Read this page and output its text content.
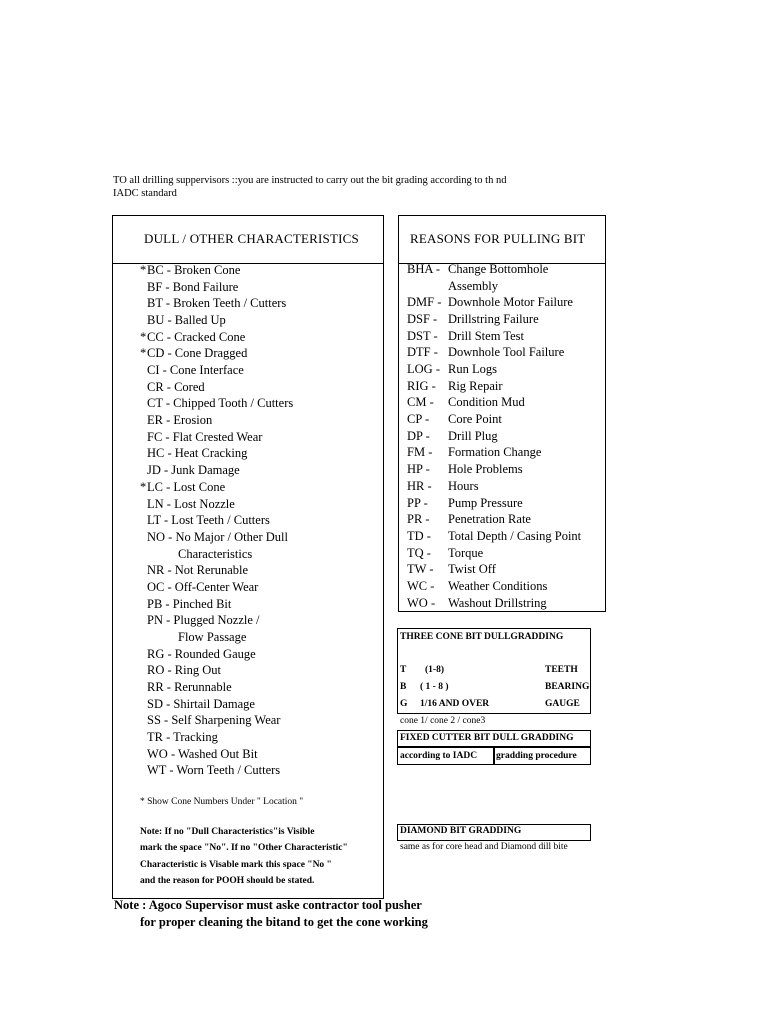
TO all drilling suppervisors ::you are instructed to carry out the bit grading according to th nd
IADC standard
DULL / OTHER CHARACTERISTICS
*BC - Broken Cone
BF - Bond Failure
BT - Broken Teeth / Cutters
BU - Balled Up
*CC - Cracked Cone
*CD - Cone Dragged
CI - Cone Interface
CR - Cored
CT - Chipped Tooth / Cutters
ER - Erosion
FC - Flat Crested Wear
HC - Heat Cracking
JD - Junk Damage
*LC - Lost Cone
LN - Lost Nozzle
LT - Lost Teeth / Cutters
NO - No Major / Other Dull
Characteristics
NR - Not Rerunable
OC - Off-Center Wear
PB - Pinched Bit
PN - Plugged Nozzle /
Flow Passage
RG - Rounded Gauge
RO - Ring Out
RR - Rerunnable
SD - Shirtail Damage
SS - Self Sharpening Wear
TR - Tracking
WO - Washed Out Bit
WT - Worn Teeth / Cutters
* Show Cone Numbers Under " Location "
Note: If no "Dull Characteristics"is Visible
mark the space "No". If no "Other Characteristic"
Characteristic is Visable mark this space "No "
and the reason for POOH should be stated.
REASONS FOR PULLING BIT
BHA - Change Bottomhole
Assembly
DMF - Downhole Motor Failure
DSF - Drillstring Failure
DST - Drill Stem Test
DTF - Downhole Tool Failure
LOG - Run Logs
RIG - Rig Repair
CM - Condition Mud
CP - Core Point
DP - Drill Plug
FM - Formation Change
HP - Hole Problems
HR - Hours
PP - Pump Pressure
PR - Penetration Rate
TD - Total Depth / Casing Point
TQ - Torque
TW - Twist Off
WC - Weather Conditions
WO - Washout Drillstring
THREE CONE BIT DULLGRADDING
T (1-8)	TEETH
B ( 1 - 8 )	BEARING
G 1/16 AND OVER	GAUGE
cone 1/ cone 2 / cone3
FIXED CUTTER BIT DULL GRADDING
according to IADC gradding procedure
DIAMOND BIT GRADDING
same as for core head and Diamond dill bite
Note : Agoco Supervisor must aske contractor tool pusher
for proper cleaning the bitand to get the cone working
